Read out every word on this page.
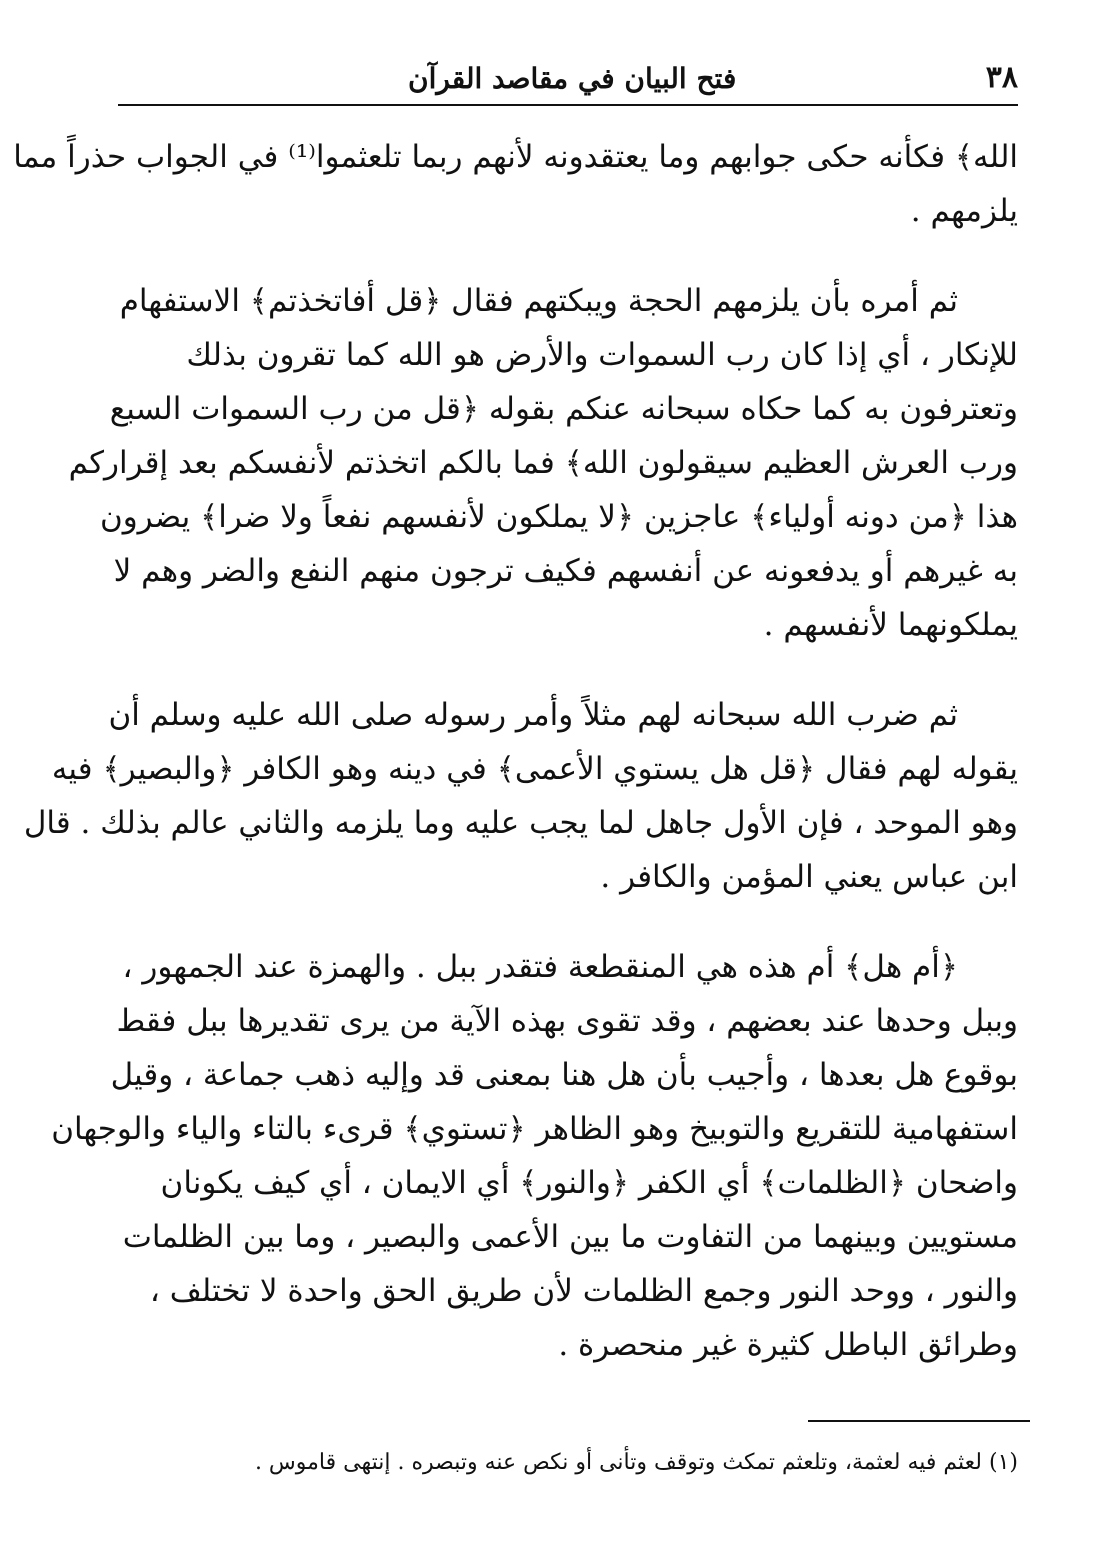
٣٨
فتح البيان في مقاصد القرآن

الله﴾ فكأنه حكى جوابهم وما يعتقدونه لأنهم ربما تلعثموا⁽¹⁾ في الجواب حذراً مما
يلزمهم .

ثم أمره بأن يلزمهم الحجة ويبكتهم فقال ﴿قل أفاتخذتم﴾ الاستفهام
للإنكار ، أي إذا كان رب السموات والأرض هو الله كما تقرون بذلك
وتعترفون به كما حكاه سبحانه عنكم بقوله ﴿قل من رب السموات السبع
ورب العرش العظيم سيقولون الله﴾ فما بالكم اتخذتم لأنفسكم بعد إقراركم
هذا ﴿من دونه أولياء﴾ عاجزين ﴿لا يملكون لأنفسهم نفعاً ولا ضرا﴾ يضرون
به غيرهم أو يدفعونه عن أنفسهم فكيف ترجون منهم النفع والضر وهم لا
يملكونهما لأنفسهم .

ثم ضرب الله سبحانه لهم مثلاً وأمر رسوله صلى الله عليه وسلم أن
يقوله لهم فقال ﴿قل هل يستوي الأعمى﴾ في دينه وهو الكافر ﴿والبصير﴾ فيه
وهو الموحد ، فإن الأول جاهل لما يجب عليه وما يلزمه والثاني عالم بذلك . قال
ابن عباس يعني المؤمن والكافر .

﴿أم هل﴾ أم هذه هي المنقطعة فتقدر ببل . والهمزة عند الجمهور ،
وببل وحدها عند بعضهم ، وقد تقوى بهذه الآية من يرى تقديرها ببل فقط
بوقوع هل بعدها ، وأجيب بأن هل هنا بمعنى قد وإليه ذهب جماعة ، وقيل
استفهامية للتقريع والتوبيخ وهو الظاهر ﴿تستوي﴾ قرىء بالتاء والياء والوجهان
واضحان ﴿الظلمات﴾ أي الكفر ﴿والنور﴾ أي الايمان ، أي كيف يكونان
مستويين وبينهما من التفاوت ما بين الأعمى والبصير ، وما بين الظلمات
والنور ، ووحد النور وجمع الظلمات لأن طريق الحق واحدة لا تختلف ،
وطرائق الباطل كثيرة غير منحصرة .

(١) لعثم فيه لعثمة، وتلعثم تمكث وتوقف وتأنى أو نكص عنه وتبصره . إنتهى قاموس .
